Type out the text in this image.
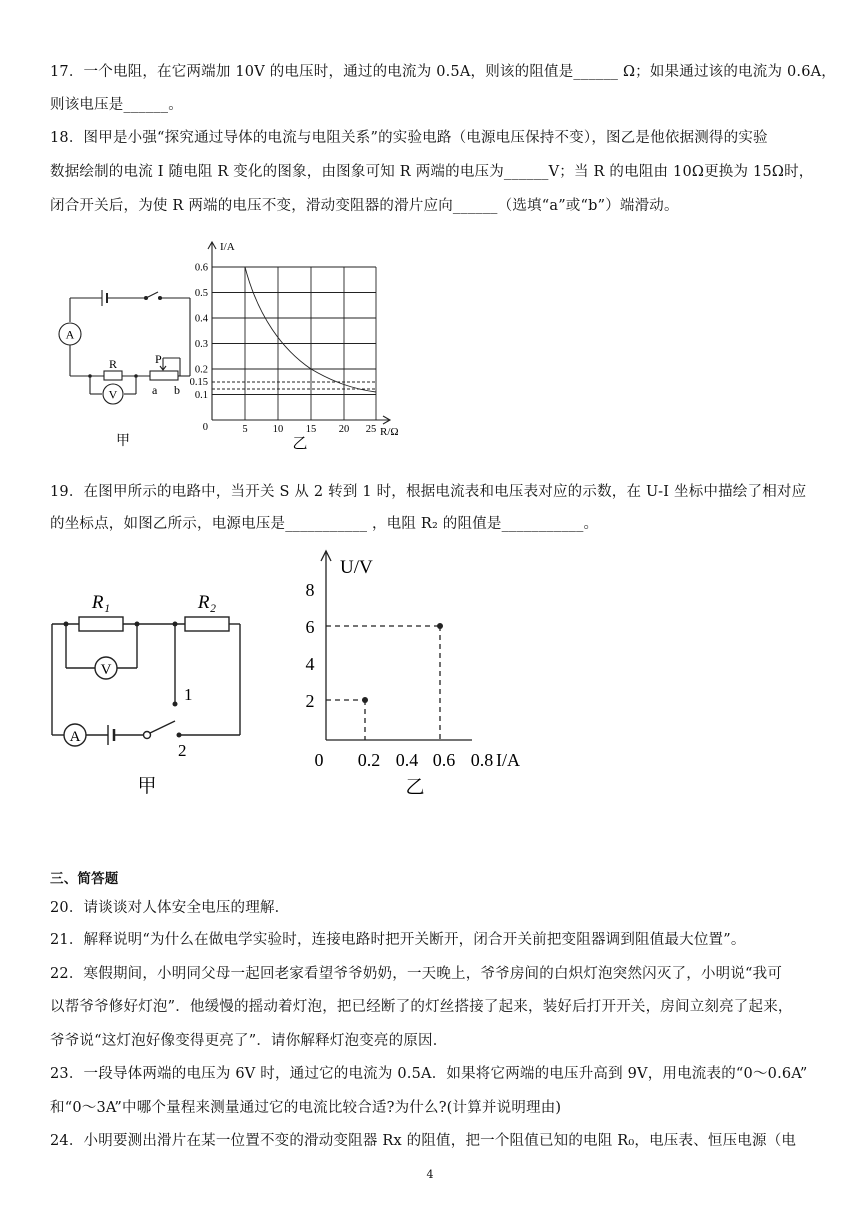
17．一个电阻，在它两端加 10V 的电压时，通过的电流为 0.5A，则该的阻值是______ Ω；如果通过该的电流为 0.6A，
则该电压是______。
18．图甲是小强“探究通过导体的电流与电阻关系”的实验电路（电源电压保持不变），图乙是他依据测得的实验
数据绘制的电流 I 随电阻 R 变化的图象，由图象可知 R 两端的电压为______V；当 R 的电阻由 10Ω更换为 15Ω时，
闭合开关后，为使 R 两端的电压不变，滑动变阻器的滑片应向______（选填“a”或“b”）端滑动。
A
V
R	P
a b
甲
0.6
0.5
0.4
0.3
0.2
0.15
0.1
0	5 10 15 20 25
I/A
R/Ω
乙
19．在图甲所示的电路中，当开关 S 从 2 转到 1 时，根据电流表和电压表对应的示数，在 U-I 坐标中描绘了相对应
的坐标点，如图乙所示，电源电压是___________ ，电阻 R₂ 的阻值是___________。
R₁	R₂
V
A
1
2
甲
U/V
8
6
4
2
0 0.2 0.4 0.6 0.8 I/A
乙
三、简答题
20．请谈谈对人体安全电压的理解．
21．解释说明“为什么在做电学实验时，连接电路时把开关断开，闭合开关前把变阻器调到阻值最大位置”。
22．寒假期间，小明同父母一起回老家看望爷爷奶奶，一天晚上，爷爷房间的白炽灯泡突然闪灭了，小明说“我可
以帮爷爷修好灯泡”．他缓慢的摇动着灯泡，把已经断了的灯丝搭接了起来，装好后打开开关，房间立刻亮了起来，
爷爷说“这灯泡好像变得更亮了”．请你解释灯泡变亮的原因．
23．一段导体两端的电压为 6V 时，通过它的电流为 0.5A．如果将它两端的电压升高到 9V，用电流表的“0～0.6A”
和“0～3A”中哪个量程来测量通过它的电流比较合适?为什么?(计算并说明理由)
24．小明要测出滑片在某一位置不变的滑动变阻器 Rx 的阻值，把一个阻值已知的电阻 R₀，电压表、恒压电源（电
4
